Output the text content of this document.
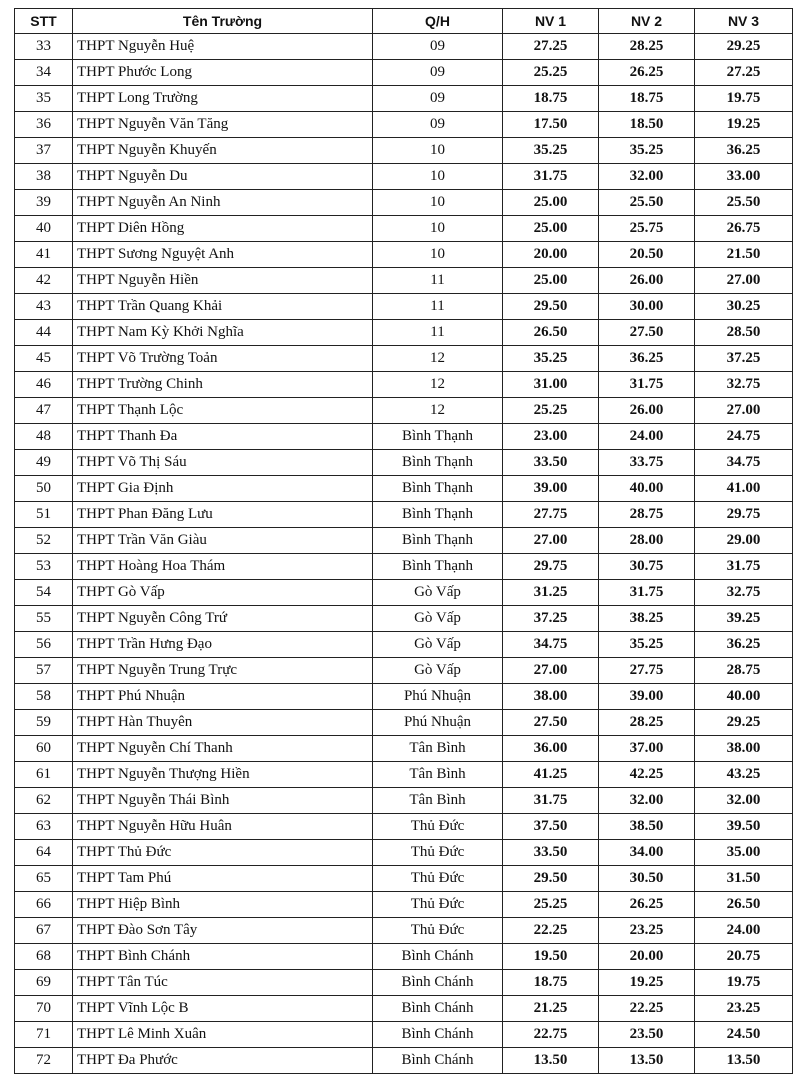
STT	Tên Trường	Q/H	NV 1	NV 2	NV 3
33	THPT Nguyễn Huệ	09	27.25	28.25	29.25
34	THPT Phước Long	09	25.25	26.25	27.25
35	THPT Long Trường	09	18.75	18.75	19.75
36	THPT Nguyễn Văn Tăng	09	17.50	18.50	19.25
37	THPT Nguyễn Khuyến	10	35.25	35.25	36.25
38	THPT Nguyễn Du	10	31.75	32.00	33.00
39	THPT Nguyễn An Ninh	10	25.00	25.50	25.50
40	THPT Diên Hồng	10	25.00	25.75	26.75
41	THPT Sương Nguyệt Anh	10	20.00	20.50	21.50
42	THPT Nguyễn Hiền	11	25.00	26.00	27.00
43	THPT Trần Quang Khải	11	29.50	30.00	30.25
44	THPT Nam Kỳ Khởi Nghĩa	11	26.50	27.50	28.50
45	THPT Võ Trường Toản	12	35.25	36.25	37.25
46	THPT Trường Chinh	12	31.00	31.75	32.75
47	THPT Thạnh Lộc	12	25.25	26.00	27.00
48	THPT Thanh Đa	Bình Thạnh	23.00	24.00	24.75
49	THPT Võ Thị Sáu	Bình Thạnh	33.50	33.75	34.75
50	THPT Gia Định	Bình Thạnh	39.00	40.00	41.00
51	THPT Phan Đăng Lưu	Bình Thạnh	27.75	28.75	29.75
52	THPT Trần Văn Giàu	Bình Thạnh	27.00	28.00	29.00
53	THPT Hoàng Hoa Thám	Bình Thạnh	29.75	30.75	31.75
54	THPT Gò Vấp	Gò Vấp	31.25	31.75	32.75
55	THPT Nguyễn Công Trứ	Gò Vấp	37.25	38.25	39.25
56	THPT Trần Hưng Đạo	Gò Vấp	34.75	35.25	36.25
57	THPT Nguyễn Trung Trực	Gò Vấp	27.00	27.75	28.75
58	THPT Phú Nhuận	Phú Nhuận	38.00	39.00	40.00
59	THPT Hàn Thuyên	Phú Nhuận	27.50	28.25	29.25
60	THPT Nguyễn Chí Thanh	Tân Bình	36.00	37.00	38.00
61	THPT Nguyễn Thượng Hiền	Tân Bình	41.25	42.25	43.25
62	THPT Nguyễn Thái Bình	Tân Bình	31.75	32.00	32.00
63	THPT Nguyễn Hữu Huân	Thủ Đức	37.50	38.50	39.50
64	THPT Thủ Đức	Thủ Đức	33.50	34.00	35.00
65	THPT Tam Phú	Thủ Đức	29.50	30.50	31.50
66	THPT Hiệp Bình	Thủ Đức	25.25	26.25	26.50
67	THPT Đào Sơn Tây	Thủ Đức	22.25	23.25	24.00
68	THPT Bình Chánh	Bình Chánh	19.50	20.00	20.75
69	THPT Tân Túc	Bình Chánh	18.75	19.25	19.75
70	THPT Vĩnh Lộc B	Bình Chánh	21.25	22.25	23.25
71	THPT Lê Minh Xuân	Bình Chánh	22.75	23.50	24.50
72	THPT Đa Phước	Bình Chánh	13.50	13.50	13.50
